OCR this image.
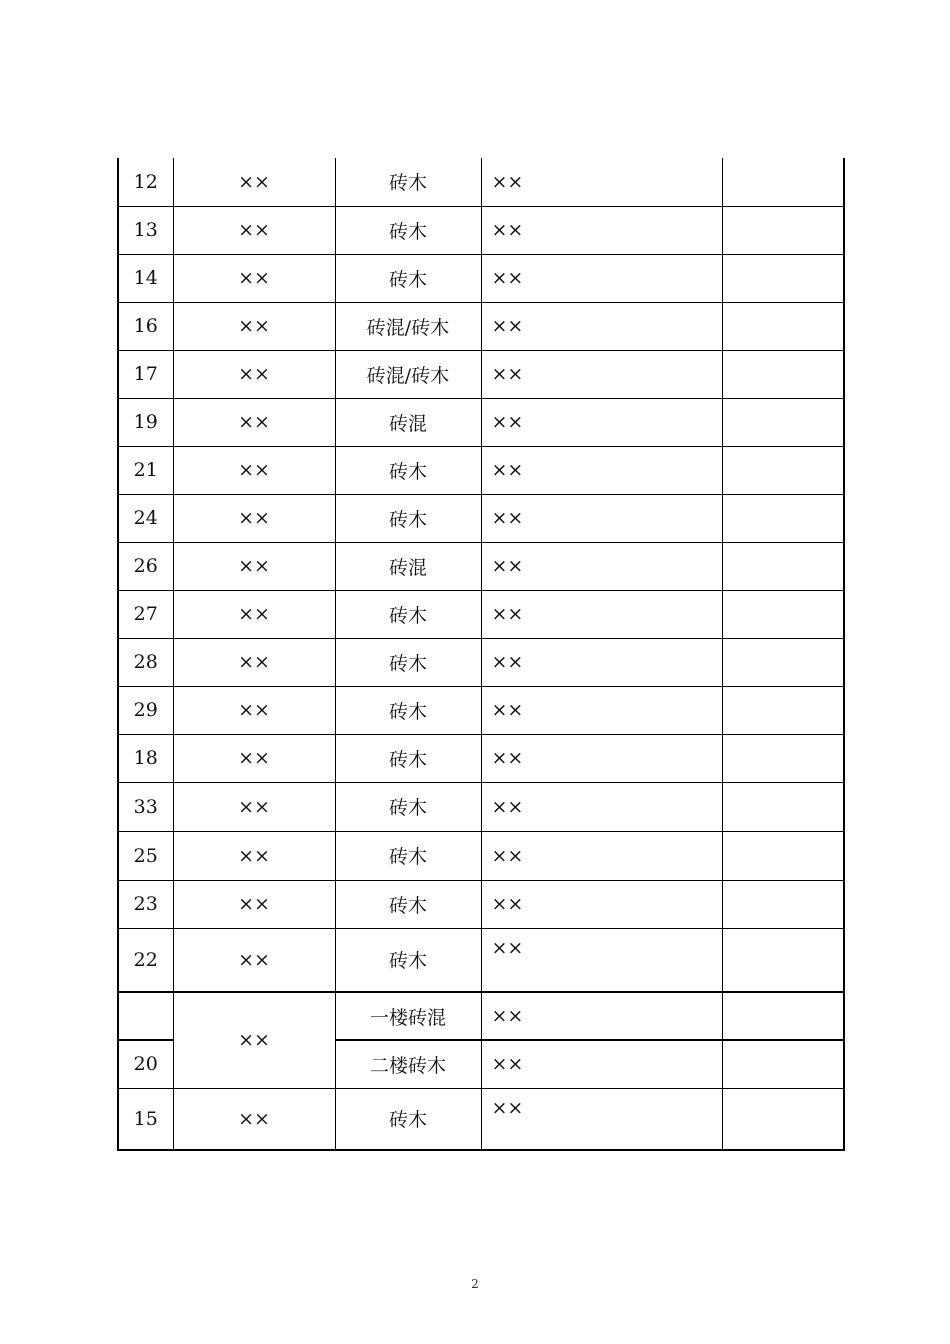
12	××	砖木	××	
13	××	砖木	××	
14	××	砖木	××	
16	××	砖混/砖木	××	
17	××	砖混/砖木	××	
19	××	砖混	××	
21	××	砖木	××	
24	××	砖木	××	
26	××	砖混	××	
27	××	砖木	××	
28	××	砖木	××	
29	××	砖木	××	
18	××	砖木	××	
33	××	砖木	××	
25	××	砖木	××	
23	××	砖木	××	
22	××	砖木	××	
	××	一楼砖混	××	
20		二楼砖木	××	
15	××	砖木	××	
2
